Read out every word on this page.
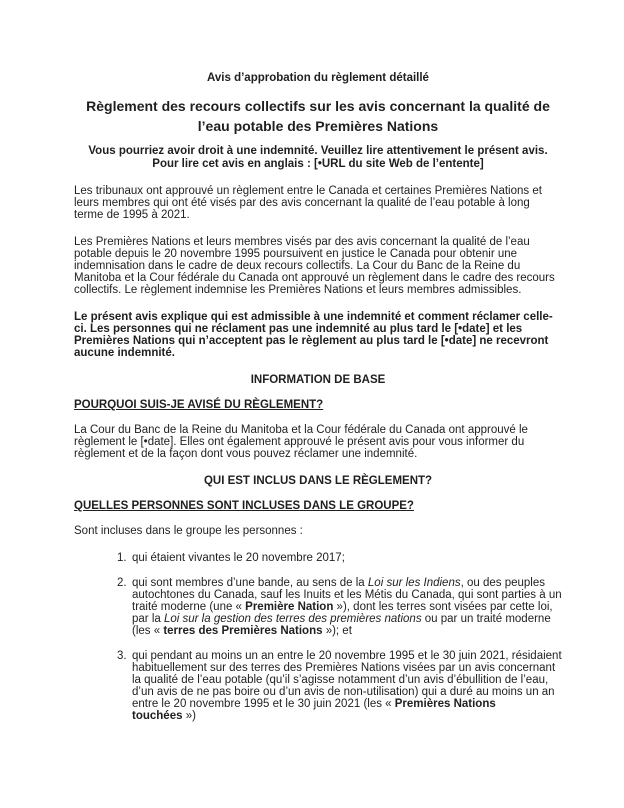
Avis d’approbation du règlement détaillé

Règlement des recours collectifs sur les avis concernant la qualité de l’eau potable des Premières Nations

Vous pourriez avoir droit à une indemnité. Veuillez lire attentivement le présent avis.
Pour lire cet avis en anglais : [•URL du site Web de l’entente]

Les tribunaux ont approuvé un règlement entre le Canada et certaines Premières Nations et leurs membres qui ont été visés par des avis concernant la qualité de l’eau potable à long terme de 1995 à 2021.

Les Premières Nations et leurs membres visés par des avis concernant la qualité de l’eau potable depuis le 20 novembre 1995 poursuivent en justice le Canada pour obtenir une indemnisation dans le cadre de deux recours collectifs. La Cour du Banc de la Reine du Manitoba et la Cour fédérale du Canada ont approuvé un règlement dans le cadre des recours collectifs. Le règlement indemnise les Premières Nations et leurs membres admissibles.

Le présent avis explique qui est admissible à une indemnité et comment réclamer celle-ci. Les personnes qui ne réclament pas une indemnité au plus tard le [•date] et les Premières Nations qui n’acceptent pas le règlement au plus tard le [•date] ne recevront aucune indemnité.

INFORMATION DE BASE
POURQUOI SUIS-JE AVISÉ DU RÈGLEMENT?

La Cour du Banc de la Reine du Manitoba et la Cour fédérale du Canada ont approuvé le règlement le [•date]. Elles ont également approuvé le présent avis pour vous informer du règlement et de la façon dont vous pouvez réclamer une indemnité.

QUI EST INCLUS DANS LE RÈGLEMENT?
QUELLES PERSONNES SONT INCLUSES DANS LE GROUPE?

Sont incluses dans le groupe les personnes :

1. qui étaient vivantes le 20 novembre 2017;
2. qui sont membres d’une bande, au sens de la Loi sur les Indiens, ou des peuples autochtones du Canada, sauf les Inuits et les Métis du Canada, qui sont parties à un traité moderne (une « Première Nation »), dont les terres sont visées par cette loi, par la Loi sur la gestion des terres des premières nations ou par un traité moderne (les « terres des Premières Nations »); et
3. qui pendant au moins un an entre le 20 novembre 1995 et le 30 juin 2021, résidaient habituellement sur des terres des Premières Nations visées par un avis concernant la qualité de l’eau potable (qu’il s’agisse notamment d’un avis d’ébullition de l’eau, d’un avis de ne pas boire ou d’un avis de non-utilisation) qui a duré au moins un an entre le 20 novembre 1995 et le 30 juin 2021 (les « Premières Nations touchées »)
